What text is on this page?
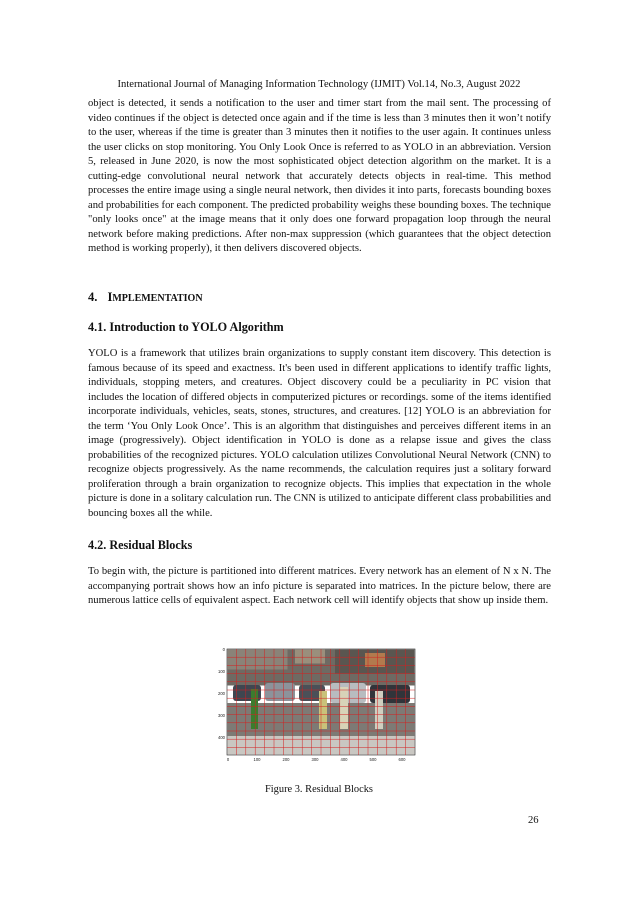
International Journal of Managing Information Technology (IJMIT) Vol.14, No.3, August 2022

object is detected, it sends a notification to the user and timer start from the mail sent. The processing of video continues if the object is detected once again and if the time is less than 3 minutes then it won’t notify to the user, whereas if the time is greater than 3 minutes then it notifies to the user again. It continues unless the user clicks on stop monitoring. You Only Look Once is referred to as YOLO in an abbreviation. Version 5, released in June 2020, is now the most sophisticated object detection algorithm on the market. It is a cutting-edge convolutional neural network that accurately detects objects in real-time. This method processes the entire image using a single neural network, then divides it into parts, forecasts bounding boxes and probabilities for each component. The predicted probability weighs these bounding boxes. The technique "only looks once" at the image means that it only does one forward propagation loop through the neural network before making predictions. After non-max suppression (which guarantees that the object detection method is working properly), it then delivers discovered objects.

4. IMPLEMENTATION
4.1. Introduction to YOLO Algorithm

YOLO is a framework that utilizes brain organizations to supply constant item discovery. This detection is famous because of its speed and exactness. It's been used in different applications to identify traffic lights, individuals, stopping meters, and creatures. Object discovery could be a peculiarity in PC vision that includes the location of differed objects in computerized pictures or recordings. some of the items identified incorporate individuals, vehicles, seats, stones, structures, and creatures. [12] YOLO is an abbreviation for the term ‘You Only Look Once’. This is an algorithm that distinguishes and perceives different items in an image (progressively). Object identification in YOLO is done as a relapse issue and gives the class probabilities of the recognized pictures. YOLO calculation utilizes Convolutional Neural Network (CNN) to recognize objects progressively. As the name recommends, the calculation requires just a solitary forward proliferation through a brain organization to recognize objects. This implies that expectation in the whole picture is done in a solitary calculation run. The CNN is utilized to anticipate different class probabilities and bouncing boxes all the while.

4.2. Residual Blocks

To begin with, the picture is partitioned into different matrices. Every network has an element of N x N. The accompanying portrait shows how an info picture is separated into matrices. In the picture below, there are numerous lattice cells of equivalent aspect. Each network cell will identify objects that show up inside them.

0
100
200
300
400
0	100	200	300	400	500	600
Figure 3. Residual Blocks
26
